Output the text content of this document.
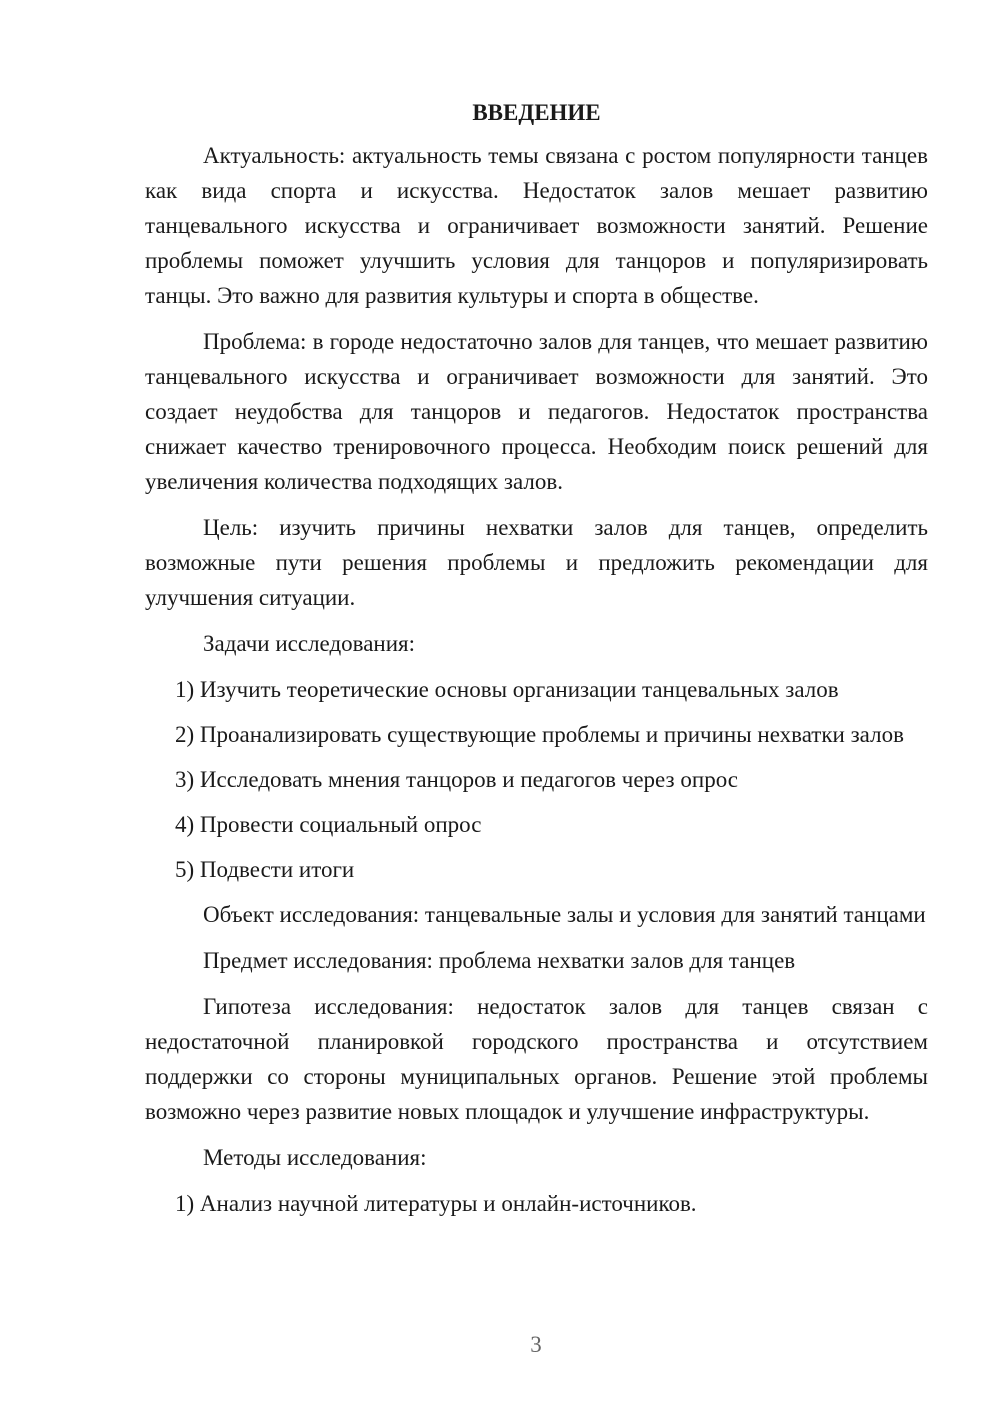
ВВЕДЕНИЕ

Актуальность: актуальность темы связана с ростом популярности танцев как вида спорта и искусства. Недостаток залов мешает развитию танцевального искусства и ограничивает возможности занятий. Решение проблемы поможет улучшить условия для танцоров и популяризировать танцы. Это важно для развития культуры и спорта в обществе.

Проблема: в городе недостаточно залов для танцев, что мешает развитию танцевального искусства и ограничивает возможности для занятий. Это создает неудобства для танцоров и педагогов. Недостаток пространства снижает качество тренировочного процесса. Необходим поиск решений для увеличения количества подходящих залов.

Цель: изучить причины нехватки залов для танцев, определить возможные пути решения проблемы и предложить рекомендации для улучшения ситуации.

Задачи исследования:

1) Изучить теоретические основы организации танцевальных залов

2) Проанализировать существующие проблемы и причины нехватки залов

3) Исследовать мнения танцоров и педагогов через опрос

4) Провести социальный опрос

5) Подвести итоги

Объект исследования: танцевальные залы и условия для занятий танцами

Предмет исследования: проблема нехватки залов для танцев

Гипотеза исследования: недостаток залов для танцев связан с недостаточной планировкой городского пространства и отсутствием поддержки со стороны муниципальных органов. Решение этой проблемы возможно через развитие новых площадок и улучшение инфраструктуры.

Методы исследования:

1) Анализ научной литературы и онлайн-источников.

3
